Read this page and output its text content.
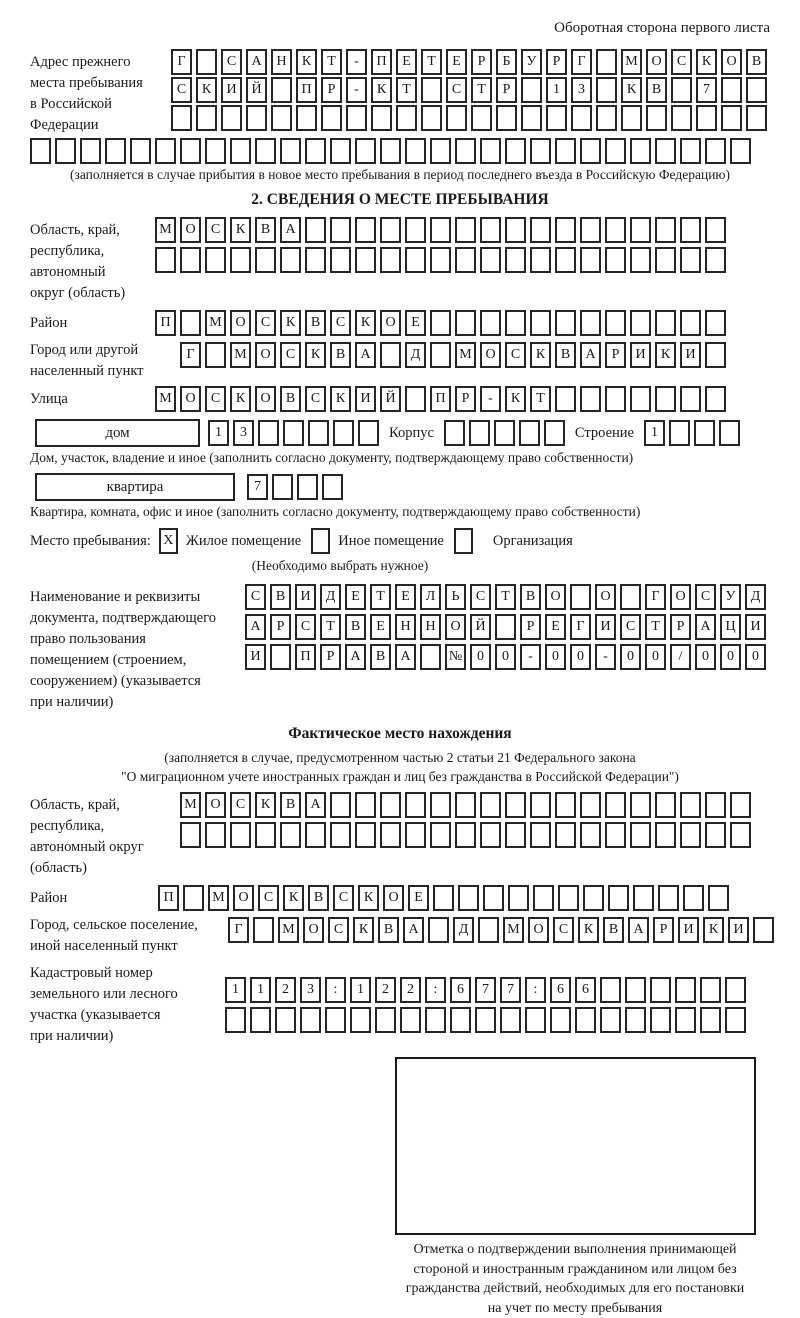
Оборотная сторона первого листа
Адрес прежнего
места пребывания
в Российской
Федерации
Г	С	А	Н	К	Т	-	П	Е	Т	Е	Р	Б	У	Р	Г	М О	С	К	О	В
С	К	И	Й	П	Р	-	К	Т	С	Т	Р	1	3	К	В	7
(заполняется в случае прибытия в новое место пребывания в период последнего въезда в Российскую Федерацию)
2. СВЕДЕНИЯ О МЕСТЕ ПРЕБЫВАНИЯ
Область, край,
республика,
автономный
округ (область)
М О	С	К	В	А
Район	П	М О	С	К	В	С	К	О	Е
Город или другой
населенный пункт
Г	М О	С	К	В	А	Д	М О	С	К	В	А	Р	И	К	И
Улица	М О	С	К	О	В	С	К	И	Й	П	Р	-	К	Т
дом	1	3	Корпус	Строение	1
Дом, участок, владение и иное (заполнить согласно документу, подтверждающему право собственности)
квартира	7
Квартира, комната, офис и иное (заполнить согласно документу, подтверждающему право собственности)
Место пребывания: X Жилое помещение	Иное помещение	Организация
(Необходимо выбрать нужное)
Наименование и реквизиты
документа, подтверждающего
право пользования
помещением (строением,
сооружением) (указывается
при наличии)
С	В	И	Д	Е	Т	Е	Л	Ь	С	Т	В	О	О	Г	О	С	У	Д
А	Р	С	Т	В	Е	Н	Н	О	Й	Р	Е	Г	И	С	Т	Р	А	Ц	И
И	П	Р	А	В	А	№	0	0	-	0	0	-	0	0	/	0	0	0
Фактическое место нахождения
(заполняется в случае, предусмотренном частью 2 статьи 21 Федерального закона
"О миграционном учете иностранных граждан и лиц без гражданства в Российской Федерации")
Область, край,
республика,
автономный округ
(область)
М О	С	К	В	А
Район	П	М О	С	К	В	С	К	О	Е
Город, сельское поселение,
иной населенный пункт
Г	М О	С	К	В	А	Д	М О	С	К	В	А	Р	И	К	И
Кадастровый номер
земельного или лесного
участка (указывается
при наличии)
1	1	2	3	:	1	2	2	:	6	7	7	:	6	6
Отметка о подтверждении выполнения принимающей
стороной и иностранным гражданином или лицом без
гражданства действий, необходимых для его постановки
на учет по месту пребывания
